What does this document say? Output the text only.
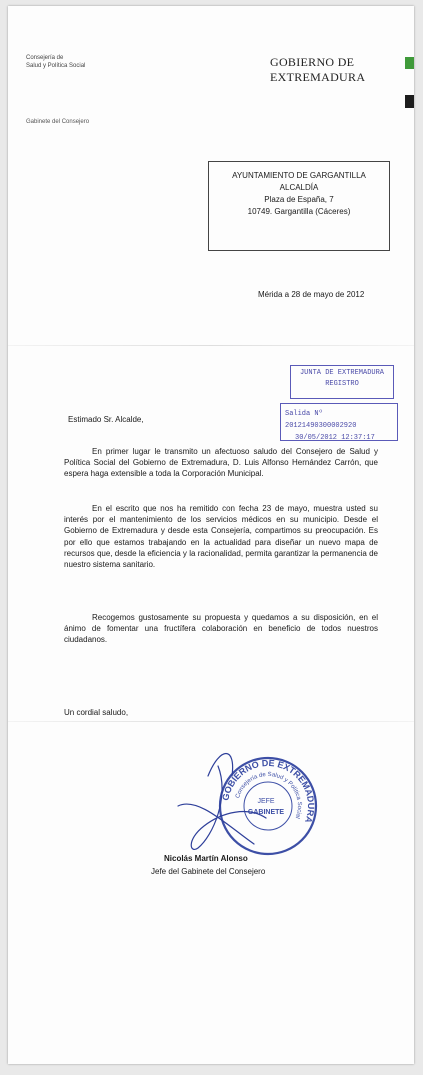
Consejería de
Salud y Política Social
Gabinete del Consejero
GOBIERNO DE EXTREMADURA
AYUNTAMIENTO DE GARGANTILLA
ALCALDÍA
Plaza de España, 7
10749. Gargantilla (Cáceres)
Mérida a 28 de mayo de 2012
JUNTA DE EXTREMADURA
REGISTRO
Salida Nº 20121490300002920
30/05/2012 12:37:17
Estimado Sr. Alcalde,

En primer lugar le transmito un afectuoso saludo del Consejero de Salud y Política Social del Gobierno de Extremadura, D. Luis Alfonso Hernández Carrón, que espera haga extensible a toda la Corporación Municipal.

En el escrito que nos ha remitido con fecha 23 de mayo, muestra usted su interés por el mantenimiento de los servicios médicos en su municipio. Desde el Gobierno de Extremadura y desde esta Consejería, compartimos su preocupación. Es por ello que estamos trabajando en la actualidad para diseñar un nuevo mapa de recursos que, desde la eficiencia y la racionalidad, permita garantizar la permanencia de nuestro sistema sanitario.

Recogemos gustosamente su propuesta y quedamos a su disposición, en el ánimo de fomentar una fructífera colaboración en beneficio de todos nuestros ciudadanos.

Un cordial saludo,
GOBIERNO DE EXTREMADURA
Consejería de Salud y Política Social
JEFE
GABINETE
Nicolás Martín Alonso
Jefe del Gabinete del Consejero
